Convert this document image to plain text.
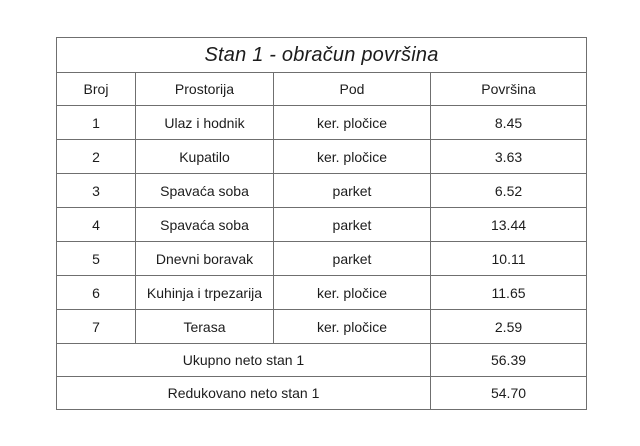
Stan 1 - obračun površina			
Broj	Prostorija	Pod	Površina
1	Ulaz i hodnik	ker. pločice	8.45
2	Kupatilo	ker. pločice	3.63
3	Spavaća soba	parket	6.52
4	Spavaća soba	parket	13.44
5	Dnevni boravak	parket	10.11
6	Kuhinja i trpezarija	ker. pločice	11.65
7	Terasa	ker. pločice	2.59
Ukupno neto stan 1			56.39
Redukovano neto stan 1			54.70
